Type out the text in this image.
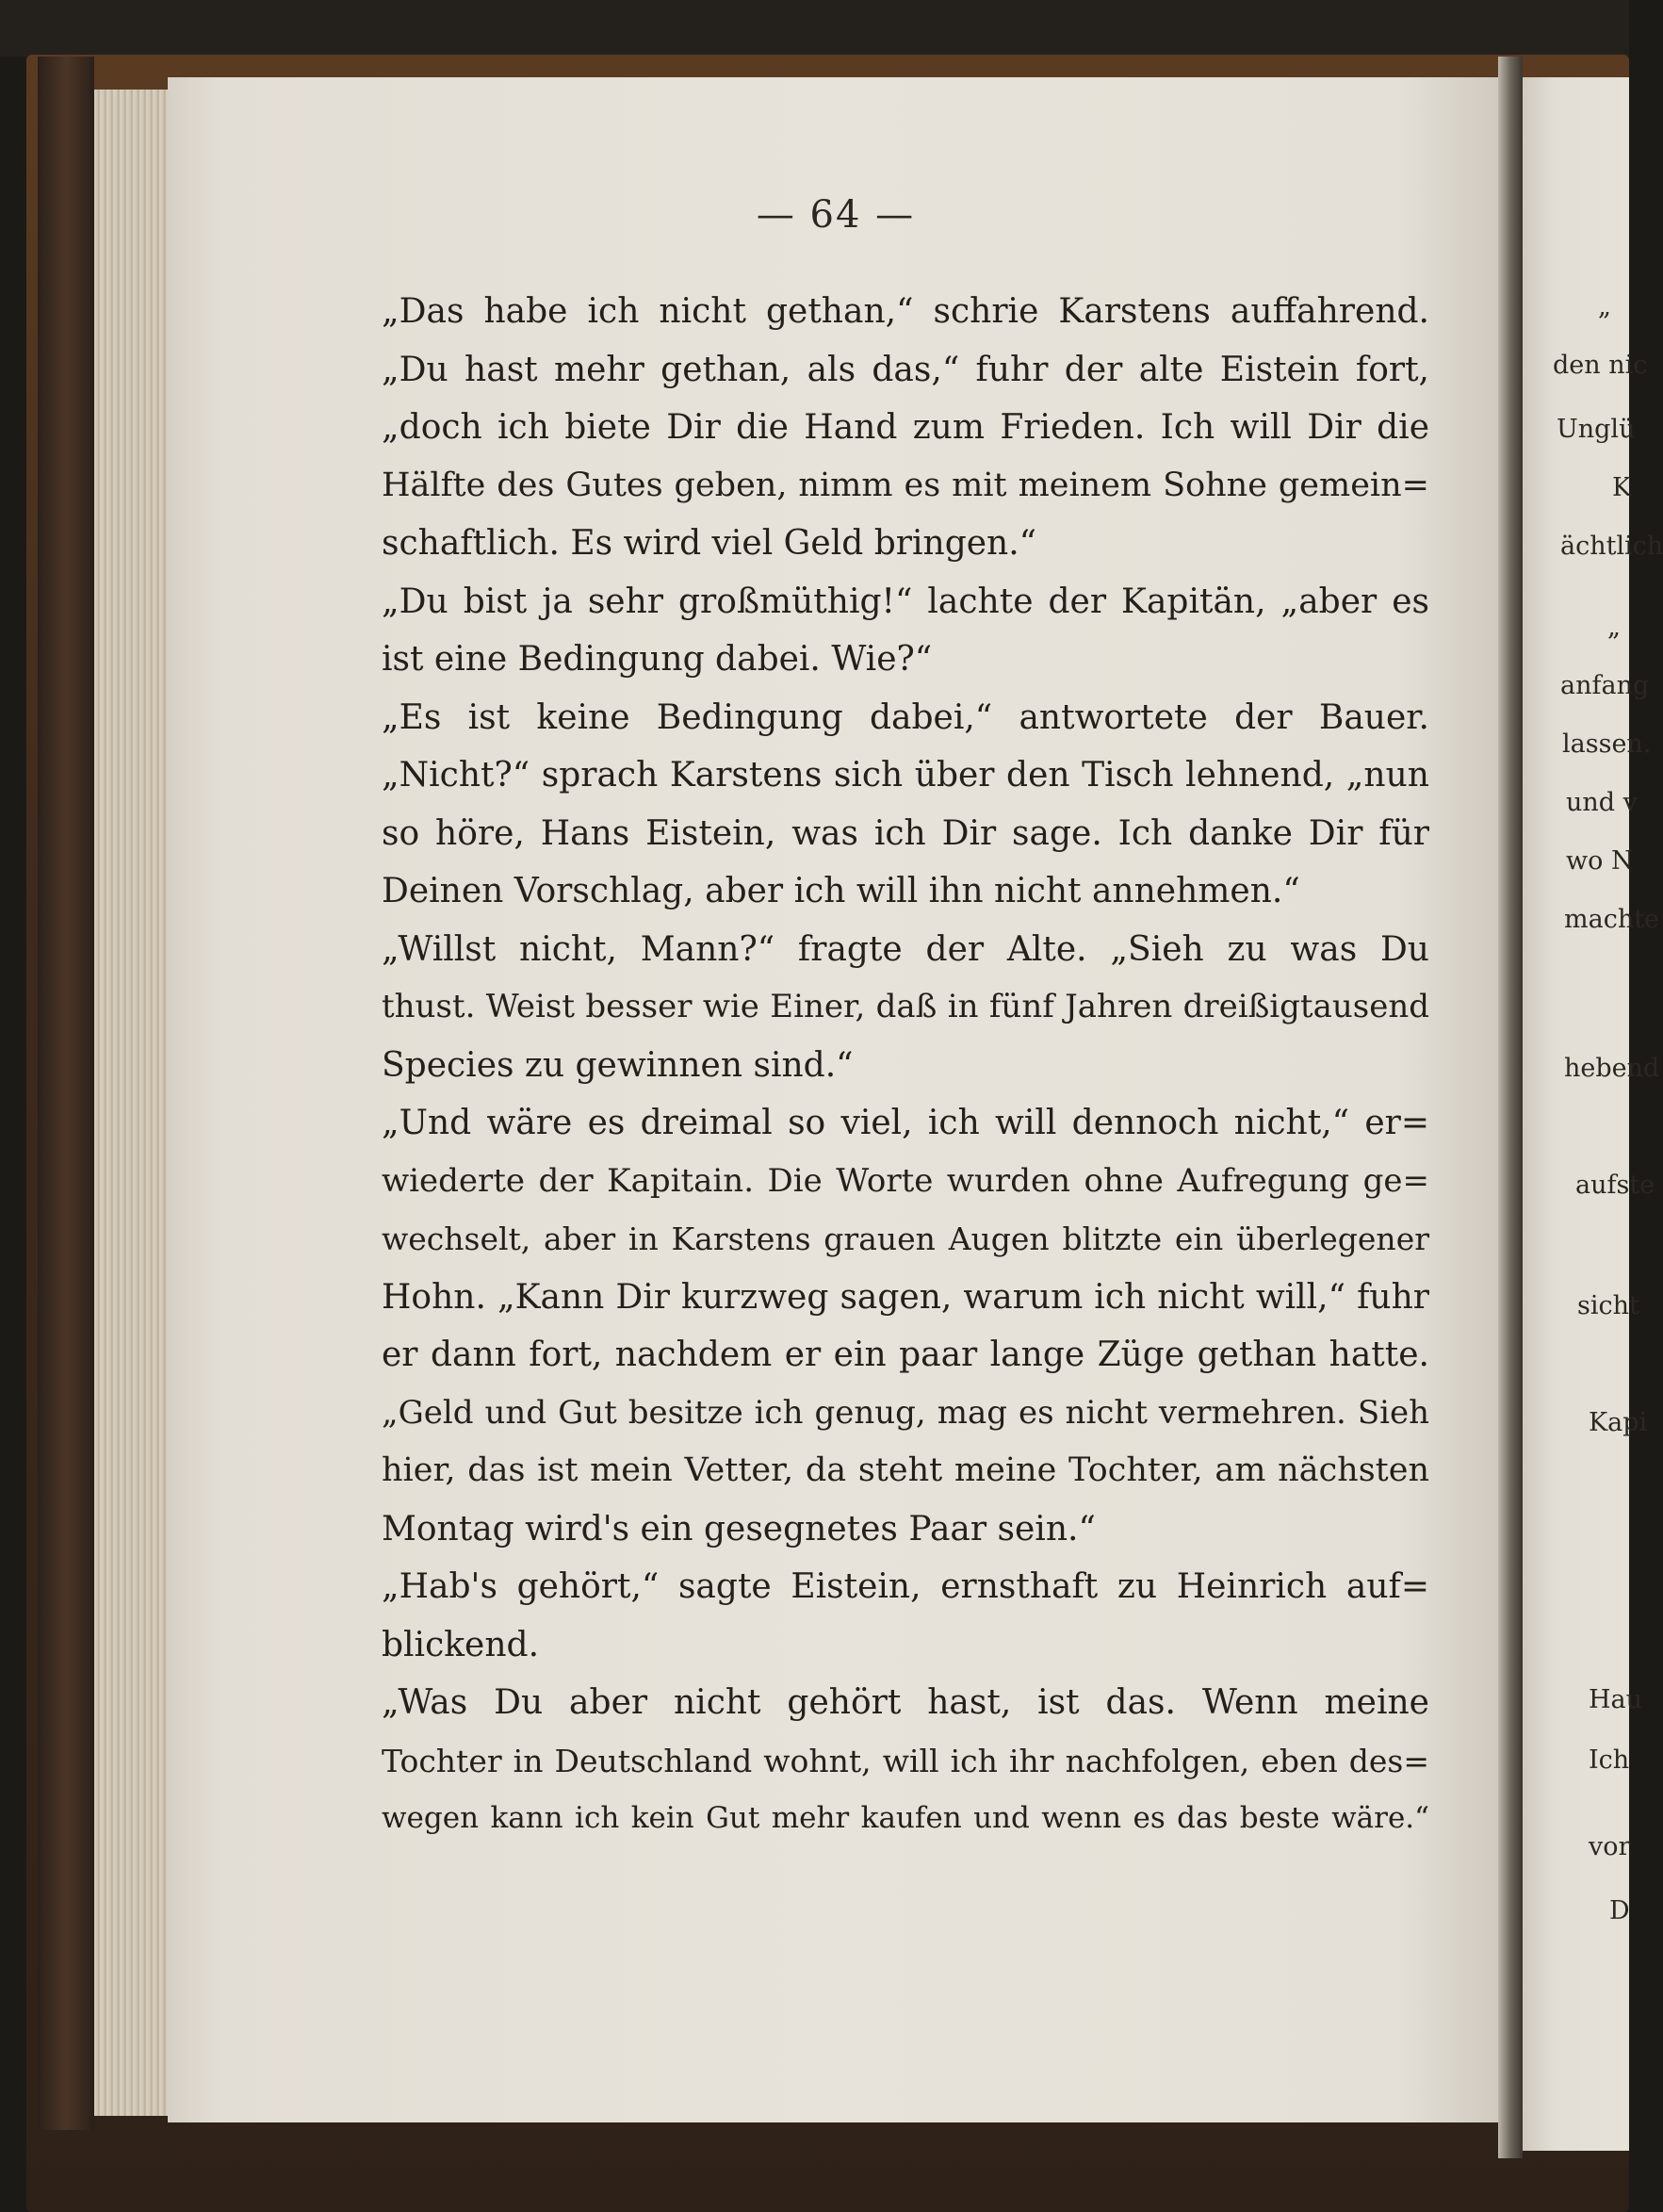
— 64 —
„Das habe ich nicht gethan,“ schrie Karstens auffahrend.
„Du hast mehr gethan, als das,“ fuhr der alte Eistein fort,
„doch ich biete Dir die Hand zum Frieden. Ich will Dir die
Hälfte des Gutes geben, nimm es mit meinem Sohne gemein=
schaftlich. Es wird viel Geld bringen.“
„Du bist ja sehr großmüthig!“ lachte der Kapitän, „aber es
ist eine Bedingung dabei. Wie?“
„Es ist keine Bedingung dabei,“ antwortete der Bauer.
„Nicht?“ sprach Karstens sich über den Tisch lehnend, „nun
so höre, Hans Eistein, was ich Dir sage. Ich danke Dir für
Deinen Vorschlag, aber ich will ihn nicht annehmen.“
„Willst nicht, Mann?“ fragte der Alte. „Sieh zu was Du
thust. Weist besser wie Einer, daß in fünf Jahren dreißigtausend
Species zu gewinnen sind.“
„Und wäre es dreimal so viel, ich will dennoch nicht,“ er=
wiederte der Kapitain. Die Worte wurden ohne Aufregung ge=
wechselt, aber in Karstens grauen Augen blitzte ein überlegener
Hohn. „Kann Dir kurzweg sagen, warum ich nicht will,“ fuhr
er dann fort, nachdem er ein paar lange Züge gethan hatte.
„Geld und Gut besitze ich genug, mag es nicht vermehren. Sieh
hier, das ist mein Vetter, da steht meine Tochter, am nächsten
Montag wird's ein gesegnetes Paar sein.“
„Hab's gehört,“ sagte Eistein, ernsthaft zu Heinrich auf=
blickend.
„Was Du aber nicht gehört hast, ist das. Wenn meine
Tochter in Deutschland wohnt, will ich ihr nachfolgen, eben des=
wegen kann ich kein Gut mehr kaufen und wenn es das beste wäre.“
„
den nic
Unglü
K
ächtlich
„
anfang
lassen.
und v
wo N
machte
hebend
aufste
sicht
Kapi
Hau
Ich
vor
D
